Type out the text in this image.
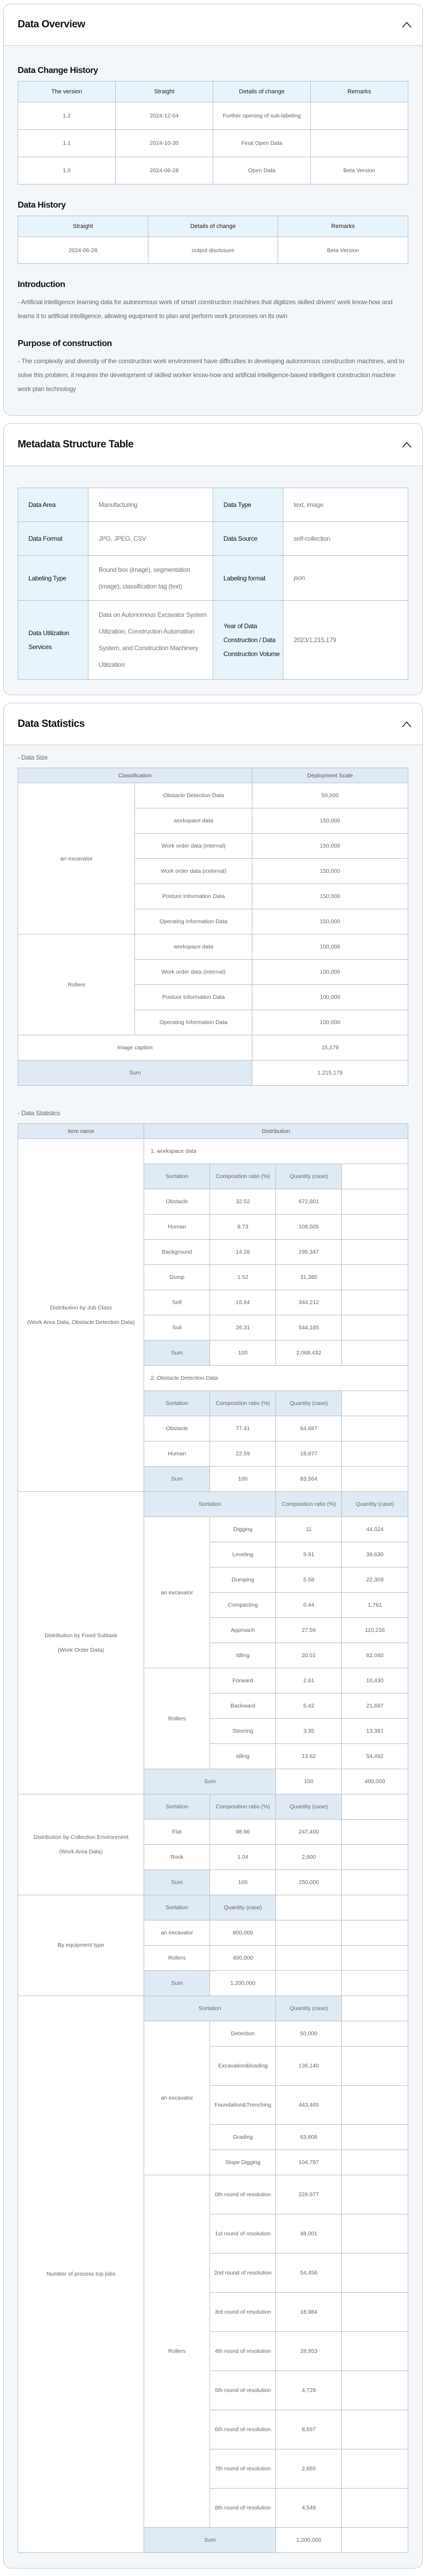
Data Overview
Data Change History
The version	Straight	Details of change	Remarks
1.2	2024-12-04	Further opening of sub-labeling	
1.1	2024-10-30	Final Open Data	
1.0	2024-06-28	Open Data	Beta Version
Data History
Straight	Details of change	Remarks
2024-06-28	output disclosure	Beta Version
Introduction

- Artificial intelligence learning data for autonomous work of smart construction machines that digitizes skilled drivers' work know-how and learns it to artificial intelligence, allowing equipment to plan and perform work processes on its own

Purpose of construction

- The complexity and diversity of the construction work environment have difficulties in developing autonomous construction machines, and to solve this problem, it requires the development of skilled worker know-how and artificial intelligence-based intelligent construction machine work plan technology

Metadata Structure Table
Data Area	Manufacturing	Data Type	text, image
Data Format	JPG, JPEG, CSV	Data Source	self-collection
Labeling Type	Bound box (image), segmentation (image), classification tag (text)	Labeling format	json
Data Utilization Services	Data on Autonomous Excavator System Utilization, Construction Automation System, and Construction Machinery Utilization	Year of Data Construction / Data Construction Volume	2023/1,215,179
Data Statistics
- Data Size
Classification		Deployment Scale
an excavator	Obstacle Detection Data	50,000
	workspace data	150,000
	Work order data (internal)	150,000
	Work order data (external)	150,000
	Posture Information Data	150,000
	Operating Information Data	150,000
Rollers	workspace data	100,000
	Work order data (internal)	100,000
	Posture Information Data	100,000
	Operating Information Data	100,000
Image caption		15,179
Sum		1,215,179
- Data Statistics
Item name	Distribution			

Distribution by Job Class
(Work Area Data, Obstacle Detection Data)	1. workspace data			
	Sortation	Composition ratio (%)	Quantity (case)	
	Obstacle	32.52	672,801	
	Human	8.73	108,505	
	Background	14.28	295,347	
	Dump	1.52	31,385	
	Self	16.64	344,212	
	Soil	26.31	544,185	
	Sum	100	2,068,432	
	2. Obstacle Detection Data			
	Sortation	Composition ratio (%)	Quantity (case)	
	Obstacle	77.41	64,687	
	Human	22.59	18,877	
	Sum	100	83,564	

Distribution by Fixed Subtask
(Work Order Data)	Sortation		Composition ratio (%)	Quantity (case)
	an excavator	Digging	11	44,024
		Leveling	9.91	39,630
		Dumping	5.58	22,309
		Compacting	0.44	1,761
		Approach	27.56	110,236
		Idling	20.51	82,040
	Rollers	Forward	2.61	10,430
		Backward	5.42	21,697
		Steering	3.35	13,381
		idling	13.62	54,492
	Sum		100	400,000

Distribution by Collection Environment
(Work Area Data)	Sortation	Composition ratio (%)	Quantity (case)	
	Flat	98.96	247,400	
	Rock	1.04	2,600	
	Sum	100	250,000	
By equipment type	Sortation	Quantity (case)		
	an excavator	800,000		
	Rollers	400,000		
	Sum	1,200,000		
Number of process top jobs	Sortation		Quantity (case)	
	an excavator	Detection	50,000	
		Excavation&loading	138,140	
		Foundation&Trenching	443,465	
		Grading	63,608	
		Slope Digging	104,787	
	Rollers	0th round of resolution	228,977	
		1st round of resolution	48,001	
		2nd round of resolution	54,456	
		3rd round of resolution	18,984	
		4th round of resolution	28,953	
		5th round of resolution	4,729	
		6th round of resolution	8,697	
		7th round of resolution	2,655	
		8th round of resolution	4,548	
	Sum		1,200,000	
